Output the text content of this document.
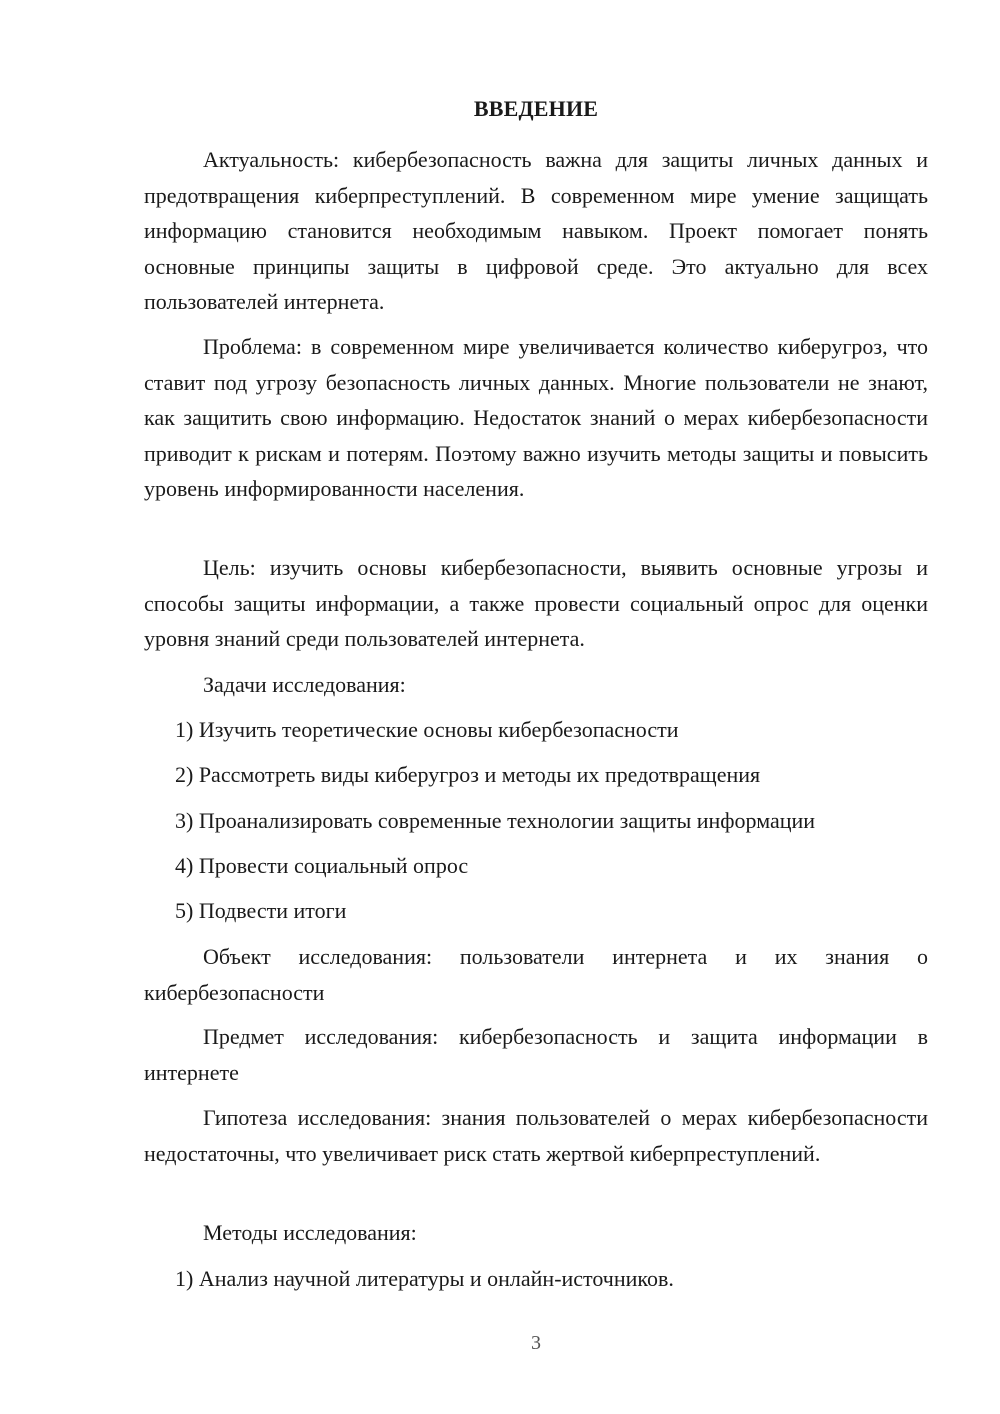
ВВЕДЕНИЕ

Актуальность: кибербезопасность важна для защиты личных данных и предотвращения киберпреступлений. В современном мире умение защищать информацию становится необходимым навыком. Проект помогает понять основные принципы защиты в цифровой среде. Это актуально для всех пользователей интернета.

Проблема: в современном мире увеличивается количество киберугроз, что ставит под угрозу безопасность личных данных. Многие пользователи не знают, как защитить свою информацию. Недостаток знаний о мерах кибербезопасности приводит к рискам и потерям. Поэтому важно изучить методы защиты и повысить уровень информированности населения.

Цель: изучить основы кибербезопасности, выявить основные угрозы и способы защиты информации, а также провести социальный опрос для оценки уровня знаний среди пользователей интернета.

Задачи исследования:

1) Изучить теоретические основы кибербезопасности

2) Рассмотреть виды киберугроз и методы их предотвращения

3) Проанализировать современные технологии защиты информации

4) Провести социальный опрос

5) Подвести итоги

Объект исследования: пользователи интернета и их знания о кибербезопасности

Предмет исследования: кибербезопасность и защита информации в интернете

Гипотеза исследования: знания пользователей о мерах кибербезопасности недостаточны, что увеличивает риск стать жертвой киберпреступлений.

Методы исследования:

1) Анализ научной литературы и онлайн-источников.

3
